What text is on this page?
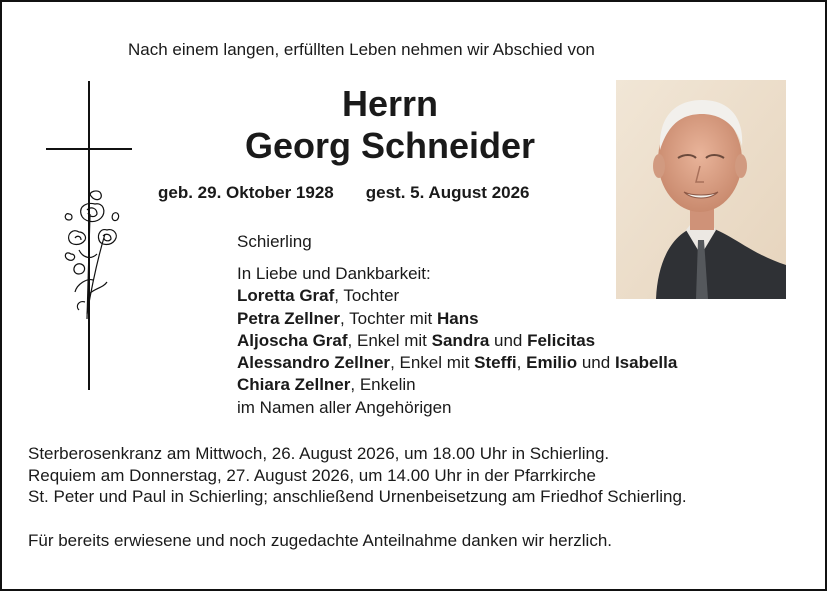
Nach einem langen, erfüllten Leben nehmen wir Abschied von
Herrn
Georg Schneider
geb. 29. Oktober 1928 gest. 5. August 2026
Schierling
In Liebe und Dankbarkeit:
Loretta Graf, Tochter
Petra Zellner, Tochter mit Hans
Aljoscha Graf, Enkel mit Sandra und Felicitas
Alessandro Zellner, Enkel mit Steffi, Emilio und Isabella
Chiara Zellner, Enkelin
im Namen aller Angehörigen
Sterberosenkranz am Mittwoch, 26. August 2026, um 18.00 Uhr in Schierling.
Requiem am Donnerstag, 27. August 2026, um 14.00 Uhr in der Pfarrkirche
St. Peter und Paul in Schierling; anschließend Urnenbeisetzung am Friedhof Schierling.
Für bereits erwiesene und noch zugedachte Anteilnahme danken wir herzlich.
